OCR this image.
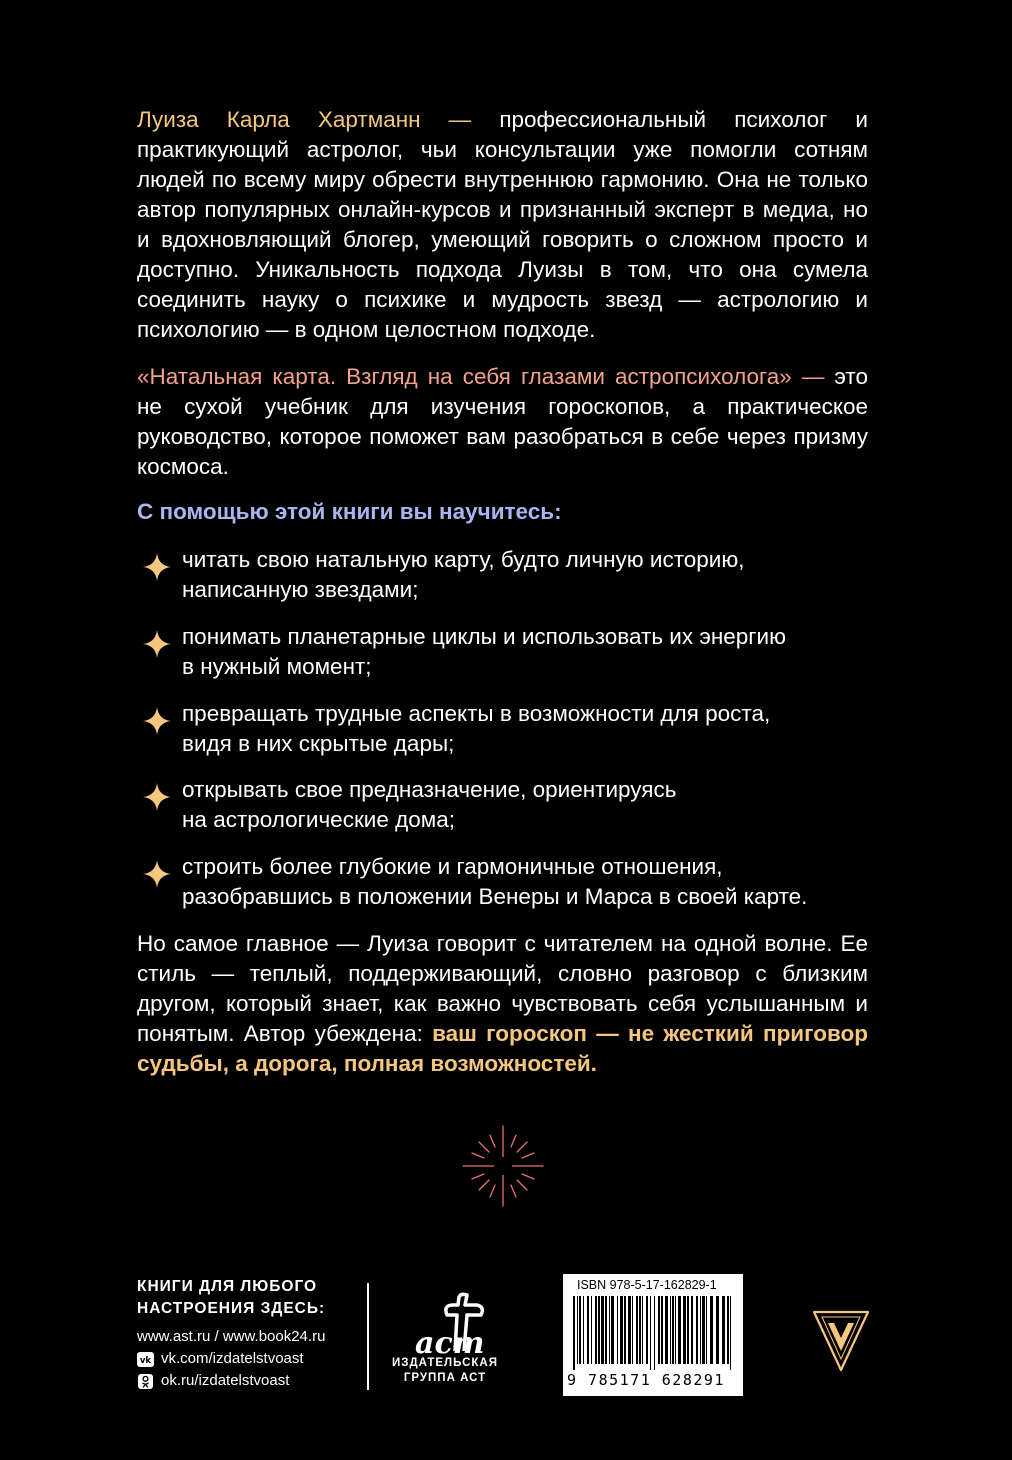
Луиза Карла Хартманн — профессиональный психолог и практикующий астролог, чьи консультации уже помогли сотням людей по всему миру обрести внутреннюю гармонию. Она не только автор популярных онлайн-курсов и признанный эксперт в медиа, но и вдохновляющий блогер, умеющий говорить о сложном просто и доступно. Уникальность подхода Луизы в том, что она сумела соединить науку о психике и мудрость звезд — астрологию и психологию — в одном целостном подходе.

«Натальная карта. Взгляд на себя глазами астропсихолога» — это не сухой учебник для изучения гороскопов, а практическое руководство, которое поможет вам разобраться в себе через призму космоса.

С помощью этой книги вы научитесь:

читать свою натальную карту, будто личную историю,
написанную звездами;

понимать планетарные циклы и использовать их энергию
в нужный момент;

превращать трудные аспекты в возможности для роста,
видя в них скрытые дары;

открывать свое предназначение, ориентируясь
на астрологические дома;

строить более глубокие и гармоничные отношения,
разобравшись в положении Венеры и Марса в своей карте.

Но самое главное — Луиза говорит с читателем на одной волне. Ее стиль — теплый, поддерживающий, словно разговор с близким другом, который знает, как важно чувствовать себя услышанным и понятым. Автор убеждена: ваш гороскоп — не жесткий приговор судьбы, а дорога, полная возможностей.

КНИГИ ДЛЯ ЛЮБОГО
НАСТРОЕНИЯ ЗДЕСЬ:

www.ast.ru / www.book24.ru

vk vk.com/izdatelstvoast
ok.ru/izdatelstvoast
аст

ИЗДАТЕЛЬСКАЯ
ГРУППА АСТ

ISBN 978-5-17-162829-1

9 785171 628291
